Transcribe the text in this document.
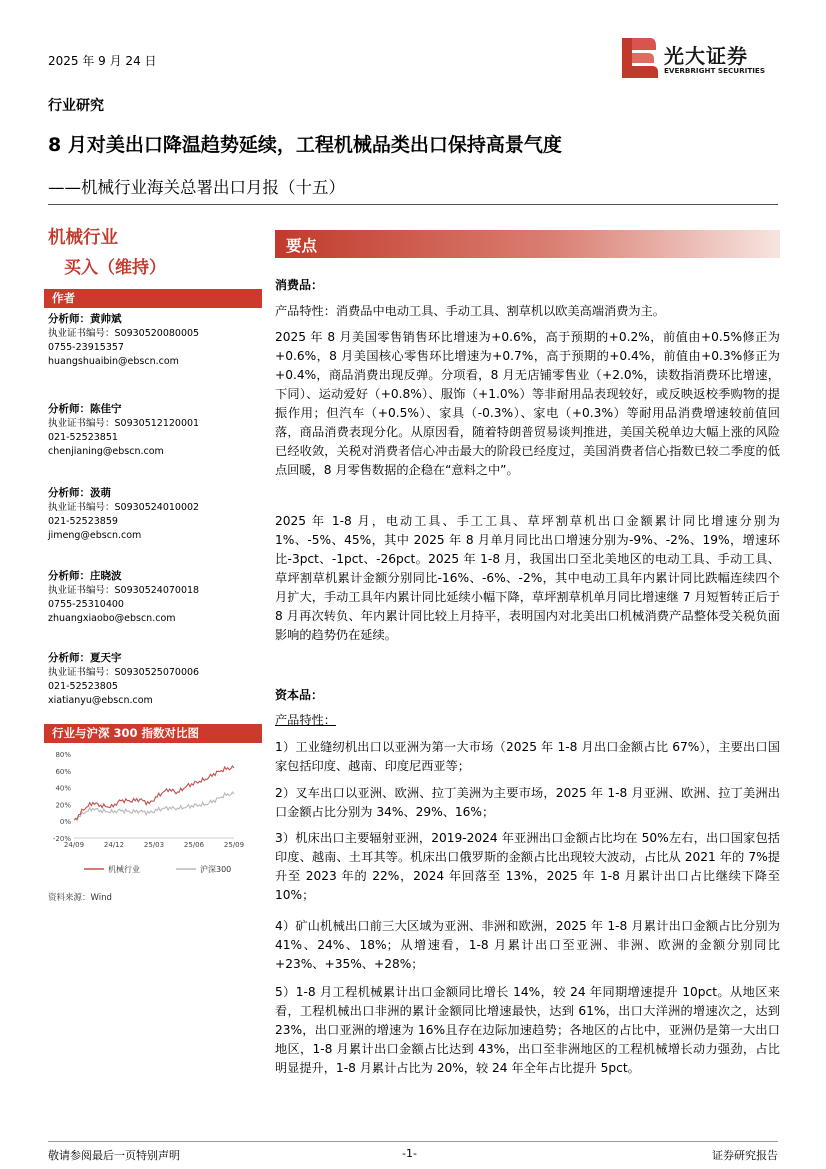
2025 年 9 月 24 日	光大证券
EVERBRIGHT SECURITIES
行业研究
8 月对美出口降温趋势延续，工程机械品类出口保持高景气度
——机械行业海关总署出口月报（十五）
机械行业
买入（维持）
作者
分析师：黄帅斌
执业证书编号：S0930520080005
0755-23915357
huangshuaibin@ebscn.com
分析师：陈佳宁
执业证书编号：S0930512120001
021-52523851
chenjianing@ebscn.com
分析师：汲萌
执业证书编号：S0930524010002
021-52523859
jimeng@ebscn.com
分析师：庄晓波
执业证书编号：S0930524070018
0755-25310400
zhuangxiaobo@ebscn.com
分析师：夏天宇
执业证书编号：S0930525070006
021-52523805
xiatianyu@ebscn.com
行业与沪深 300 指数对比图
80%
60%
40%
20%
0%
-20%
24/09	24/12	25/03	25/06	25/09
机械行业	沪深300
资料来源：Wind
要点
消费品：
产品特性：消费品中电动工具、手动工具、割草机以欧美高端消费为主。
2025 年 8 月美国零售销售环比增速为+0.6%，高于预期的+0.2%，前值由+0.5%修正为+0.6%，8 月美国核心零售环比增速为+0.7%，高于预期的+0.4%，前值由+0.3%修正为+0.4%，商品消费出现反弹。分项看，8 月无店铺零售业（+2.0%，读数指消费环比增速，下同）、运动爱好（+0.8%）、服饰（+1.0%）等非耐用品表现较好，或反映返校季购物的提振作用；但汽车（+0.5%）、家具（-0.3%）、家电（+0.3%）等耐用品消费增速较前值回落，商品消费表现分化。从原因看，随着特朗普贸易谈判推进，美国关税单边大幅上涨的风险已经收敛，关税对消费者信心冲击最大的阶段已经度过，美国消费者信心指数已较二季度的低点回暖，8 月零售数据的企稳在“意料之中”。
2025 年 1-8 月，电动工具、手工工具、草坪割草机出口金额累计同比增速分别为 1%、-5%、45%，其中 2025 年 8 月单月同比出口增速分别为-9%、-2%、19%，增速环比-3pct、-1pct、-26pct。2025 年 1-8 月，我国出口至北美地区的电动工具、手动工具、草坪割草机累计金额分别同比-16%、-6%、-2%，其中电动工具年内累计同比跌幅连续四个月扩大，手动工具年内累计同比延续小幅下降，草坪割草机单月同比增速继 7 月短暂转正后于 8 月再次转负、年内累计同比较上月持平，表明国内对北美出口机械消费产品整体受关税负面影响的趋势仍在延续。
资本品：
产品特性：
1）工业缝纫机出口以亚洲为第一大市场（2025 年 1-8 月出口金额占比 67%），主要出口国家包括印度、越南、印度尼西亚等；
2）叉车出口以亚洲、欧洲、拉丁美洲为主要市场，2025 年 1-8 月亚洲、欧洲、拉丁美洲出口金额占比分别为 34%、29%、16%；
3）机床出口主要辐射亚洲，2019-2024 年亚洲出口金额占比均在 50%左右，出口国家包括印度、越南、土耳其等。机床出口俄罗斯的金额占比出现较大波动，占比从 2021 年的 7%提升至 2023 年的 22%，2024 年回落至 13%，2025 年 1-8 月累计出口占比继续下降至 10%；
4）矿山机械出口前三大区域为亚洲、非洲和欧洲，2025 年 1-8 月累计出口金额占比分别为 41%、24%、18%；从增速看，1-8 月累计出口至亚洲、非洲、欧洲的金额分别同比+23%、+35%、+28%；
5）1-8 月工程机械累计出口金额同比增长 14%，较 24 年同期增速提升 10pct。从地区来看，工程机械出口非洲的累计金额同比增速最快，达到 61%，出口大洋洲的增速次之，达到 23%，出口亚洲的增速为 16%且存在边际加速趋势；各地区的占比中，亚洲仍是第一大出口地区，1-8 月累计出口金额占比达到 43%，出口至非洲地区的工程机械增长动力强劲，占比明显提升，1-8 月累计占比为 20%，较 24 年全年占比提升 5pct。
敬请参阅最后一页特别声明	-1-	证券研究报告
